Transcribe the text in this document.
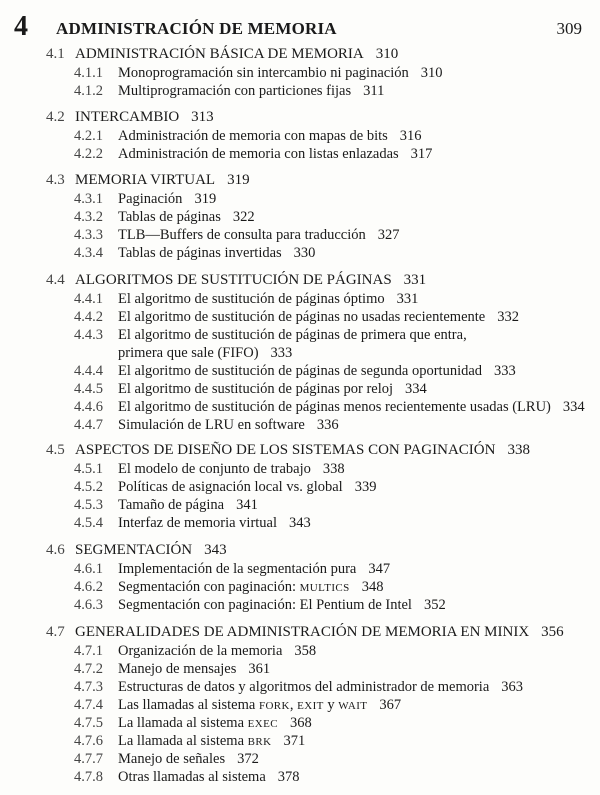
4 ADMINISTRACIÓN DE MEMORIA	309
4.1 ADMINISTRACIÓN BÁSICA DE MEMORIA 310
4.1.1 Monoprogramación sin intercambio ni paginación 310
4.1.2 Multiprogramación con particiones fijas 311
4.2 INTERCAMBIO 313
4.2.1 Administración de memoria con mapas de bits 316
4.2.2 Administración de memoria con listas enlazadas 317
4.3 MEMORIA VIRTUAL 319
4.3.1 Paginación 319
4.3.2 Tablas de páginas 322
4.3.3 TLB—Buffers de consulta para traducción 327
4.3.4 Tablas de páginas invertidas 330
4.4 ALGORITMOS DE SUSTITUCIÓN DE PÁGINAS 331
4.4.1 El algoritmo de sustitución de páginas óptimo 331
4.4.2 El algoritmo de sustitución de páginas no usadas recientemente 332
4.4.3 El algoritmo de sustitución de páginas de primera que entra,
primera que sale (FIFO) 333
4.4.4 El algoritmo de sustitución de páginas de segunda oportunidad 333
4.4.5 El algoritmo de sustitución de páginas por reloj 334
4.4.6 El algoritmo de sustitución de páginas menos recientemente usadas (LRU) 334
4.4.7 Simulación de LRU en software 336
4.5 ASPECTOS DE DISEÑO DE LOS SISTEMAS CON PAGINACIÓN 338
4.5.1 El modelo de conjunto de trabajo 338
4.5.2 Políticas de asignación local vs. global 339
4.5.3 Tamaño de página 341
4.5.4 Interfaz de memoria virtual 343
4.6 SEGMENTACIÓN 343
4.6.1 Implementación de la segmentación pura 347
4.6.2 Segmentación con paginación: MULTICS 348
4.6.3 Segmentación con paginación: El Pentium de Intel 352
4.7 GENERALIDADES DE ADMINISTRACIÓN DE MEMORIA EN MINIX 356
4.7.1 Organización de la memoria 358
4.7.2 Manejo de mensajes 361
4.7.3 Estructuras de datos y algoritmos del administrador de memoria 363
4.7.4 Las llamadas al sistema FORK, EXIT y WAIT 367
4.7.5 La llamada al sistema EXEC 368
4.7.6 La llamada al sistema BRK 371
4.7.7 Manejo de señales 372
4.7.8 Otras llamadas al sistema 378
